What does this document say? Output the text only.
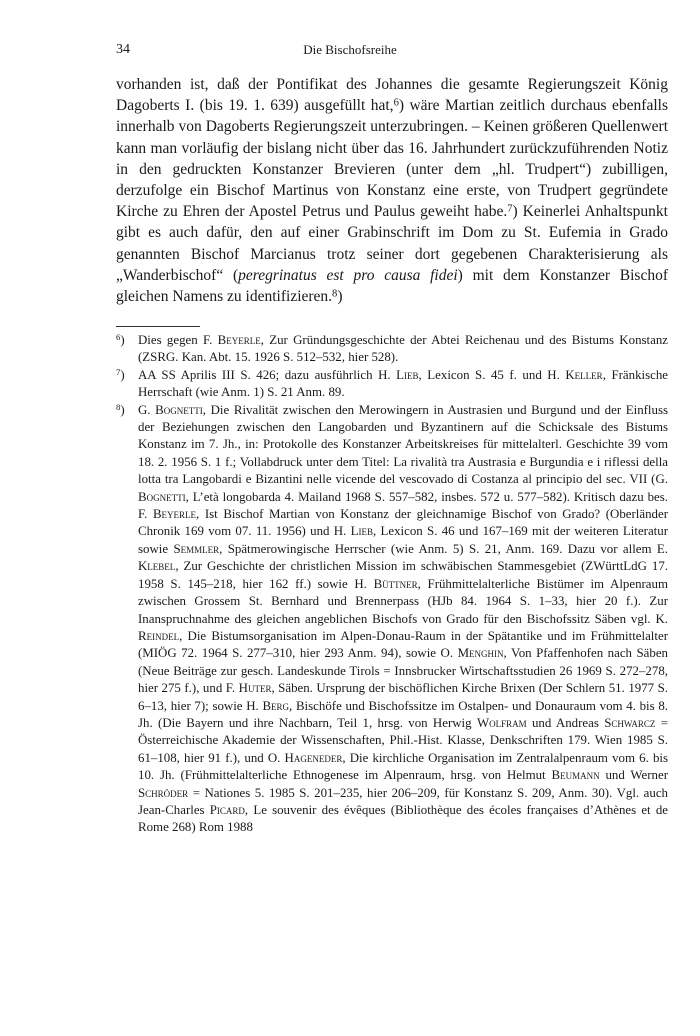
34	Die Bischofsreihe

vorhanden ist, daß der Pontifikat des Johannes die gesamte Regierungszeit König Dagoberts I. (bis 19. 1. 639) ausgefüllt hat,$^6$) wäre Martian zeitlich durchaus ebenfalls innerhalb von Dagoberts Regierungszeit unterzubringen. – Keinen größeren Quellenwert kann man vorläufig der bislang nicht über das 16. Jahrhundert zurückzuführenden Notiz in den gedruckten Konstanzer Brevieren (unter dem „hl. Trudpert“) zubilligen, derzufolge ein Bischof Martinus von Konstanz eine erste, von Trudpert gegründete Kirche zu Ehren der Apostel Petrus und Paulus geweiht habe.$^7$) Keinerlei Anhaltspunkt gibt es auch dafür, den auf einer Grabinschrift im Dom zu St. Eufemia in Grado genannten Bischof Marcianus trotz seiner dort gegebenen Charakterisierung als „Wanderbischof“ (peregrinatus est pro causa fidei) mit dem Konstanzer Bischof gleichen Namens zu identifizieren.$^8$)

$^6$) Dies gegen F. Beyerle, Zur Gründungsgeschichte der Abtei Reichenau und des Bistums Konstanz (ZSRG. Kan. Abt. 15. 1926 S. 512–532, hier 528).
$^7$) AA SS Aprilis III S. 426; dazu ausführlich H. Lieb, Lexicon S. 45 f. und H. Keller, Fränkische Herrschaft (wie Anm. 1) S. 21 Anm. 89.
$^8$) G. Bognetti, Die Rivalität zwischen den Merowingern in Austrasien und Burgund und der Einfluss der Beziehungen zwischen den Langobarden und Byzantinern auf die Schicksale des Bistums Konstanz im 7. Jh., in: Protokolle des Konstanzer Arbeitskreises für mittelalterl. Geschichte 39 vom 18. 2. 1956 S. 1 f.; Vollabdruck unter dem Titel: La rivalità tra Austrasia e Burgundia e i riflessi della lotta tra Langobardi e Bizantini nelle vicende del vescovado di Costanza al principio del sec. VII (G. Bognetti, L’età longobarda 4. Mailand 1968 S. 557–582, insbes. 572 u. 577–582). Kritisch dazu bes. F. Beyerle, Ist Bischof Martian von Konstanz der gleichnamige Bischof von Grado? (Oberländer Chronik 169 vom 07. 11. 1956) und H. Lieb, Lexicon S. 46 und 167–169 mit der weiteren Literatur sowie Semmler, Spätmerowingische Herrscher (wie Anm. 5) S. 21, Anm. 169. Dazu vor allem E. Klebel, Zur Geschichte der christlichen Mission im schwäbischen Stammesgebiet (ZWürttLdG 17. 1958 S. 145–218, hier 162 ff.) sowie H. Büttner, Frühmittelalterliche Bistümer im Alpenraum zwischen Grossem St. Bernhard und Brennerpass (HJb 84. 1964 S. 1–33, hier 20 f.). Zur Inanspruchnahme des gleichen angeblichen Bischofs von Grado für den Bischofssitz Säben vgl. K. Reindel, Die Bistumsorganisation im Alpen-Donau-Raum in der Spätantike und im Frühmittelalter (MIÖG 72. 1964 S. 277–310, hier 293 Anm. 94), sowie O. Menghin, Von Pfaffenhofen nach Säben (Neue Beiträge zur gesch. Landeskunde Tirols = Innsbrucker Wirtschaftsstudien 26 1969 S. 272–278, hier 275 f.), und F. Huter, Säben. Ursprung der bischöflichen Kirche Brixen (Der Schlern 51. 1977 S. 6–13, hier 7); sowie H. Berg, Bischöfe und Bischofssitze im Ostalpen- und Donauraum vom 4. bis 8. Jh. (Die Bayern und ihre Nachbarn, Teil 1, hrsg. von Herwig Wolfram und Andreas Schwarcz = Österreichische Akademie der Wissenschaften, Phil.-Hist. Klasse, Denkschriften 179. Wien 1985 S. 61–108, hier 91 f.), und O. Hageneder, Die kirchliche Organisation im Zentralalpenraum vom 6. bis 10. Jh. (Frühmittelalterliche Ethnogenese im Alpenraum, hrsg. von Helmut Beumann und Werner Schröder = Nationes 5. 1985 S. 201–235, hier 206–209, für Konstanz S. 209, Anm. 30). Vgl. auch Jean-Charles Picard, Le souvenir des évêques (Bibliothèque des écoles françaises d’Athènes et de Rome 268) Rom 1988
